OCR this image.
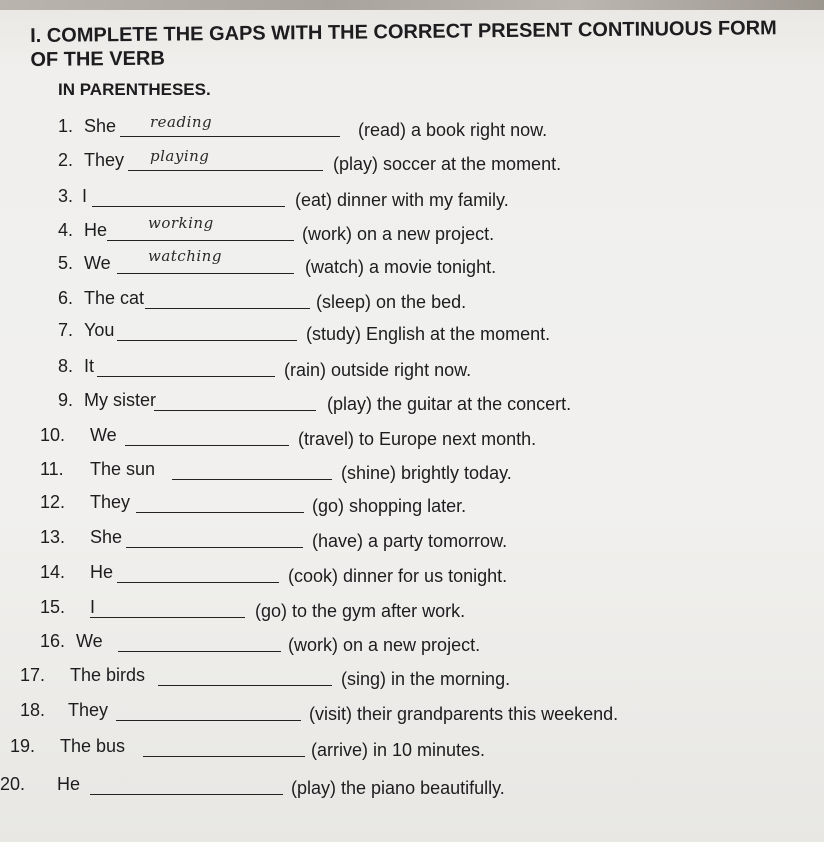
I. COMPLETE THE GAPS WITH THE CORRECT PRESENT CONTINUOUS FORM OF THE VERB
IN PARENTHESES.
1. She reading	(read) a book right now.
2. They playing	(play) soccer at the moment.
3. I	(eat) dinner with my family.
4. He	working
(work) on a new project.
5. We watching
(watch) a movie tonight.
6. The cat	(sleep) on the bed.
7. You	(study) English at the moment.
8. It	(rain) outside right now.
9. My sister	(play) the guitar at the concert.
10. We	(travel) to Europe next month.
11. The sun	(shine) brightly today.
12. They	(go) shopping later.
13. She	(have) a party tomorrow.
14. He	(cook) dinner for us tonight.
15. I	(go) to the gym after work.
16. We	(work) on a new project.
17. The birds	(sing) in the morning.
18. They	(visit) their grandparents this weekend.
19. The bus	(arrive) in 10 minutes.
20. He	(play) the piano beautifully.
